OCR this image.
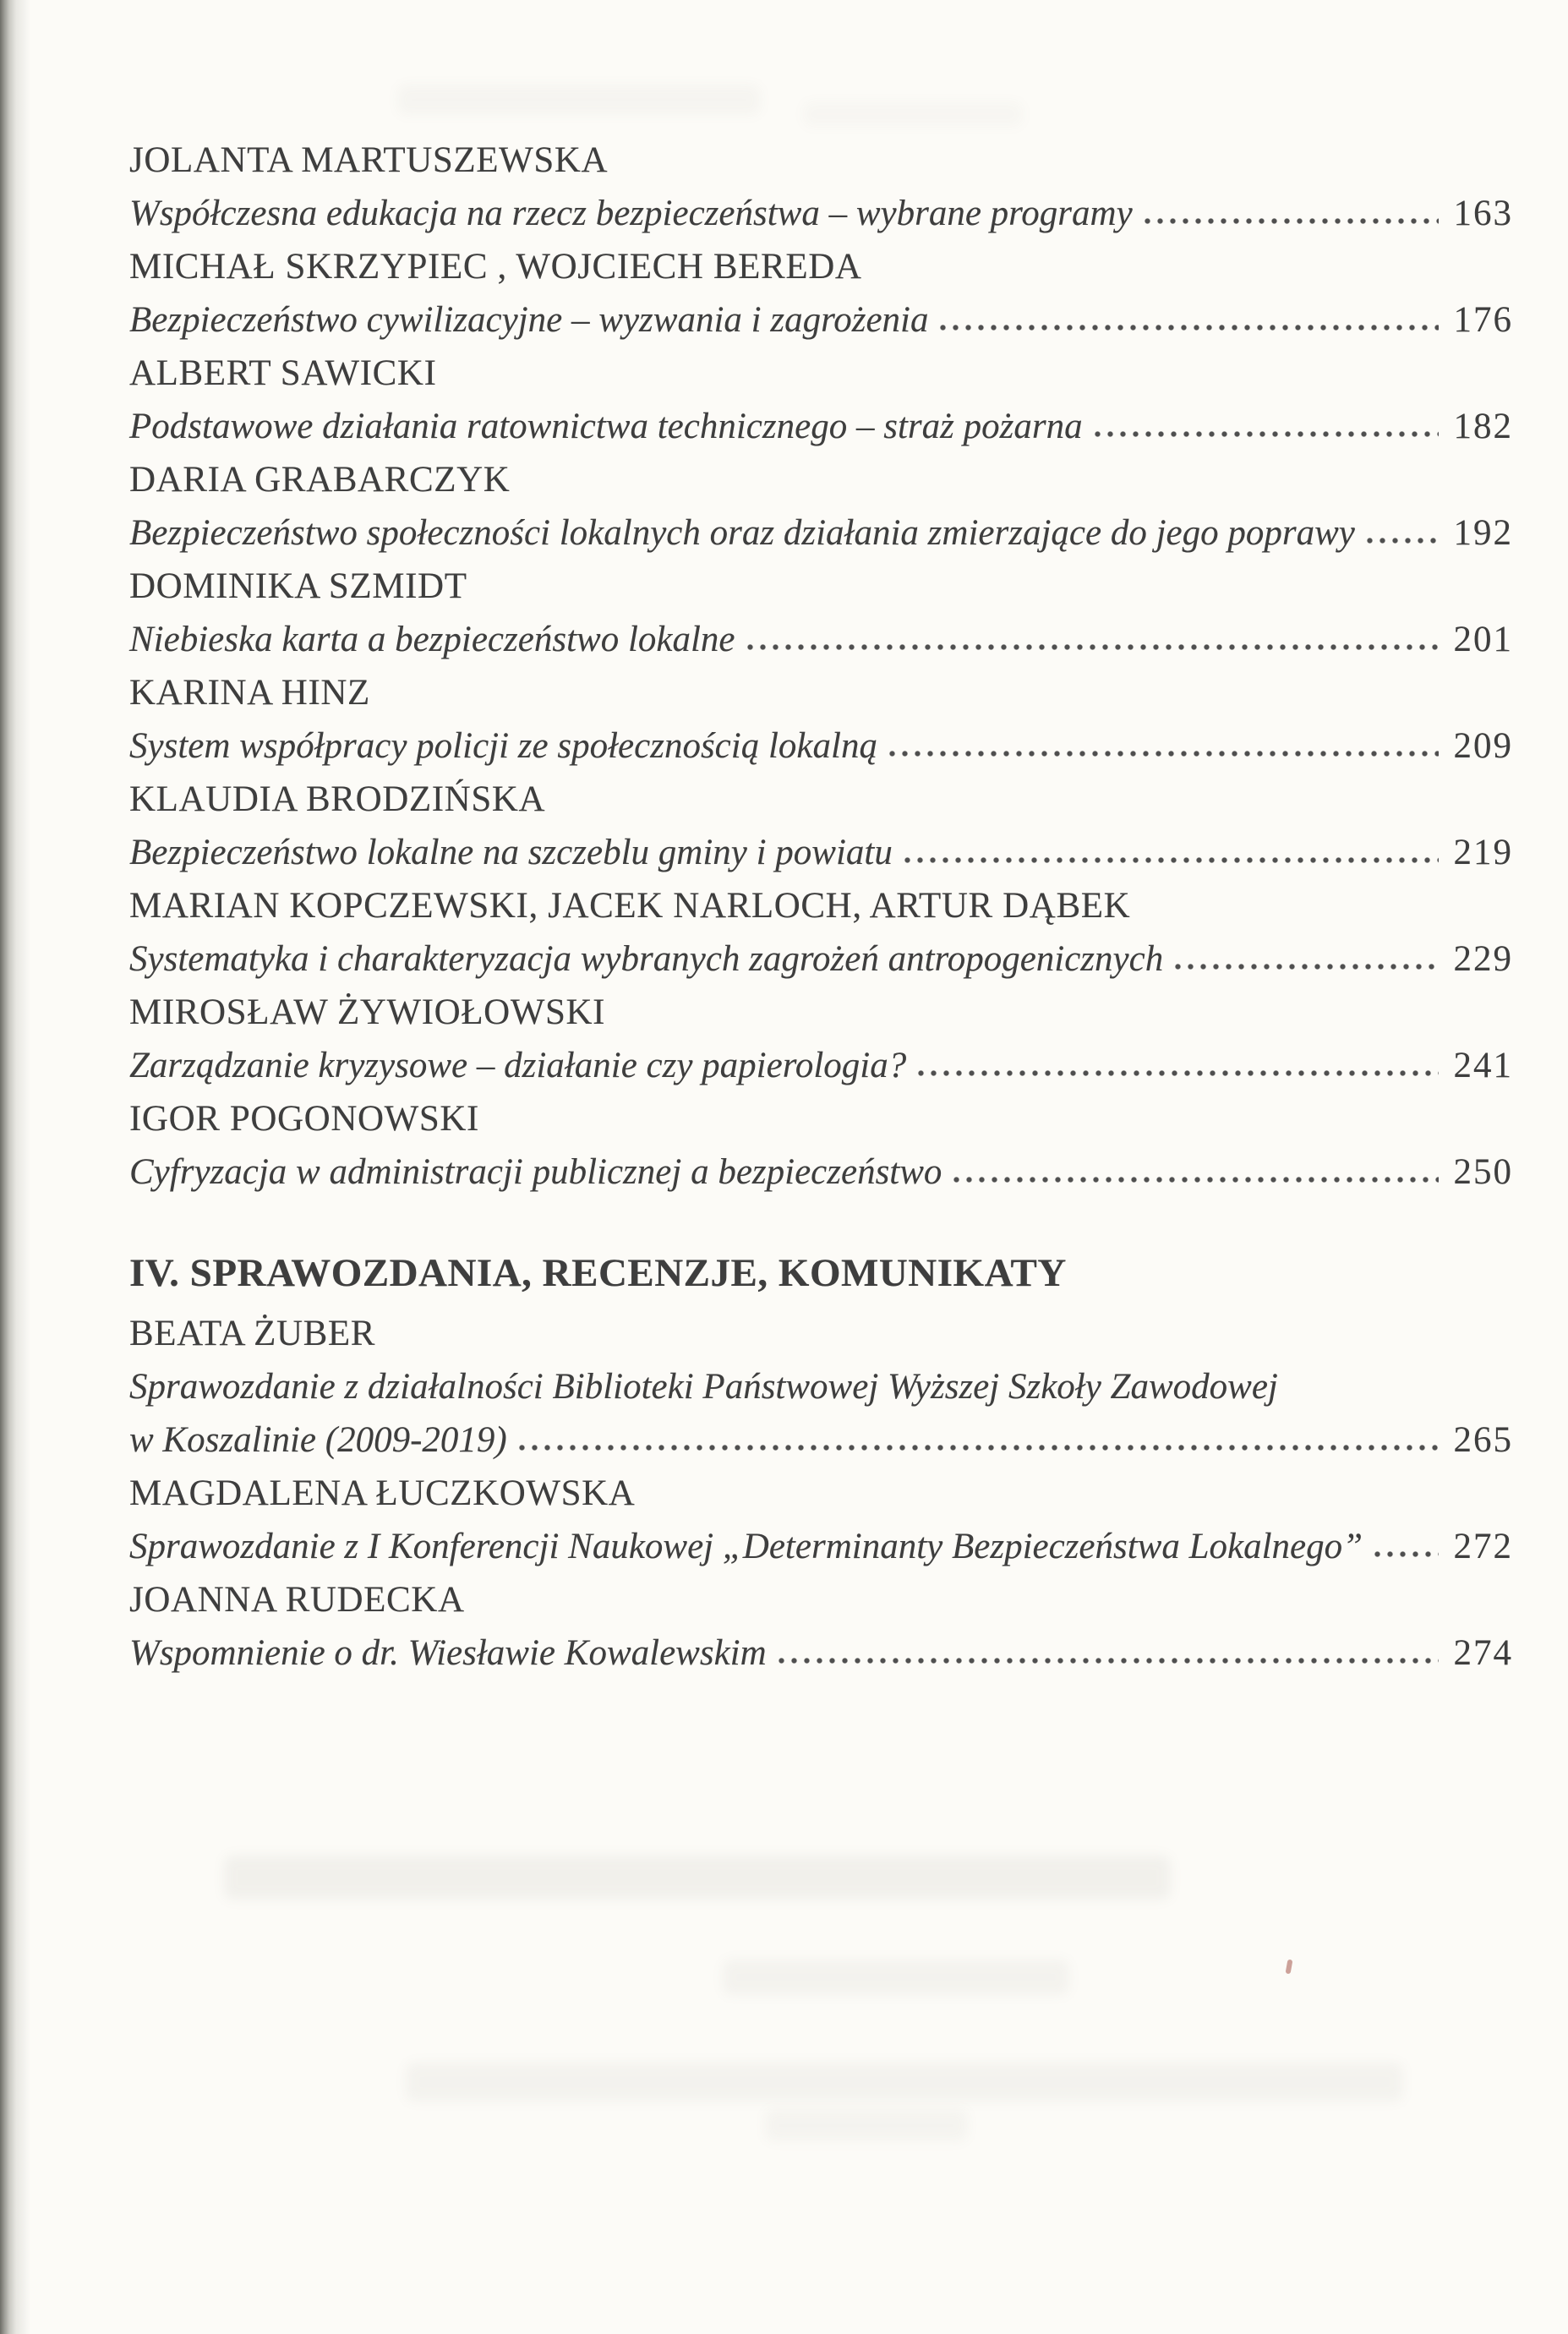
JOLANTA MARTUSZEWSKA
Współczesna edukacja na rzecz bezpieczeństwa – wybrane programy	163
MICHAŁ SKRZYPIEC , WOJCIECH BEREDA
Bezpieczeństwo cywilizacyjne – wyzwania i zagrożenia	176
ALBERT SAWICKI
Podstawowe działania ratownictwa technicznego – straż pożarna	182
DARIA GRABARCZYK
Bezpieczeństwo społeczności lokalnych oraz działania zmierzające do jego poprawy	192
DOMINIKA SZMIDT
Niebieska karta a bezpieczeństwo lokalne	201
KARINA HINZ
System współpracy policji ze społecznością lokalną	209
KLAUDIA BRODZIŃSKA
Bezpieczeństwo lokalne na szczeblu gminy i powiatu	219
MARIAN KOPCZEWSKI, JACEK NARLOCH, ARTUR DĄBEK
Systematyka i charakteryzacja wybranych zagrożeń antropogenicznych	229
MIROSŁAW ŻYWIOŁOWSKI
Zarządzanie kryzysowe – działanie czy papierologia?	241
IGOR POGONOWSKI
Cyfryzacja w administracji publicznej a bezpieczeństwo	250
IV. SPRAWOZDANIA, RECENZJE, KOMUNIKATY
BEATA ŻUBER
Sprawozdanie z działalności Biblioteki Państwowej Wyższej Szkoły Zawodowej
w Koszalinie (2009-2019)	265
MAGDALENA ŁUCZKOWSKA
Sprawozdanie z I Konferencji Naukowej „Determinanty Bezpieczeństwa Lokalnego” 272
JOANNA RUDECKA
Wspomnienie o dr. Wiesławie Kowalewskim	274
